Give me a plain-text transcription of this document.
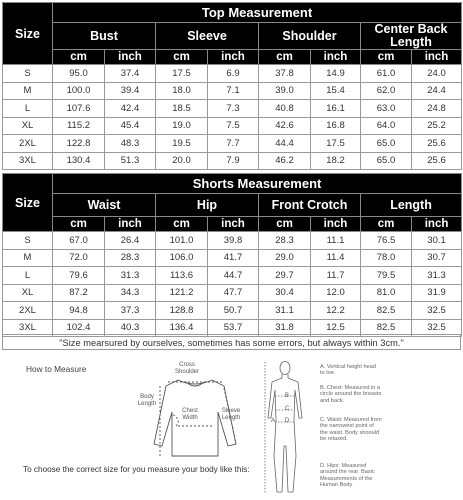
Size	Top Measurement							
	Bust		Sleeve		Shoulder		Center Back Length	
	cm	inch	cm	inch	cm	inch	cm	inch
S	95.0	37.4	17.5	6.9	37.8	14.9	61.0	24.0
M	100.0	39.4	18.0	7.1	39.0	15.4	62.0	24.4
L	107.6	42.4	18.5	7.3	40.8	16.1	63.0	24.8
XL	115.2	45.4	19.0	7.5	42.6	16.8	64.0	25.2
2XL	122.8	48.3	19.5	7.7	44.4	17.5	65.0	25.6
3XL	130.4	51.3	20.0	7.9	46.2	18.2	65.0	25.6
Size	Shorts Measurement							
	Waist		Hip		Front Crotch		Length	
	cm	inch	cm	inch	cm	inch	cm	inch
S	67.0	26.4	101.0	39.8	28.3	11.1	76.5	30.1
M	72.0	28.3	106.0	41.7	29.0	11.4	78.0	30.7
L	79.6	31.3	113.6	44.7	29.7	11.7	79.5	31.3
XL	87.2	34.3	121.2	47.7	30.4	12.0	81.0	31.9
2XL	94.8	37.3	128.8	50.7	31.1	12.2	82.5	32.5
3XL	102.4	40.3	136.4	53.7	31.8	12.5	82.5	32.5
"Size mearsured by ourselves, sometimes has some errors, but always within 3cm."
How to Measure	Cross Shoulder
Body Length
Chest Width
Sleeve Length
To choose the correct size for you measure your body like this:
A
B
C
D
A. Vertical height head to toe.
B. Chest: Measured in a circle around the breasts and back.
C. Waist: Measured from the narrowest point of the waist. Body shoould be relaxed.
D. Hips: Measured around the rear. Basic Measurements of the Human Body
